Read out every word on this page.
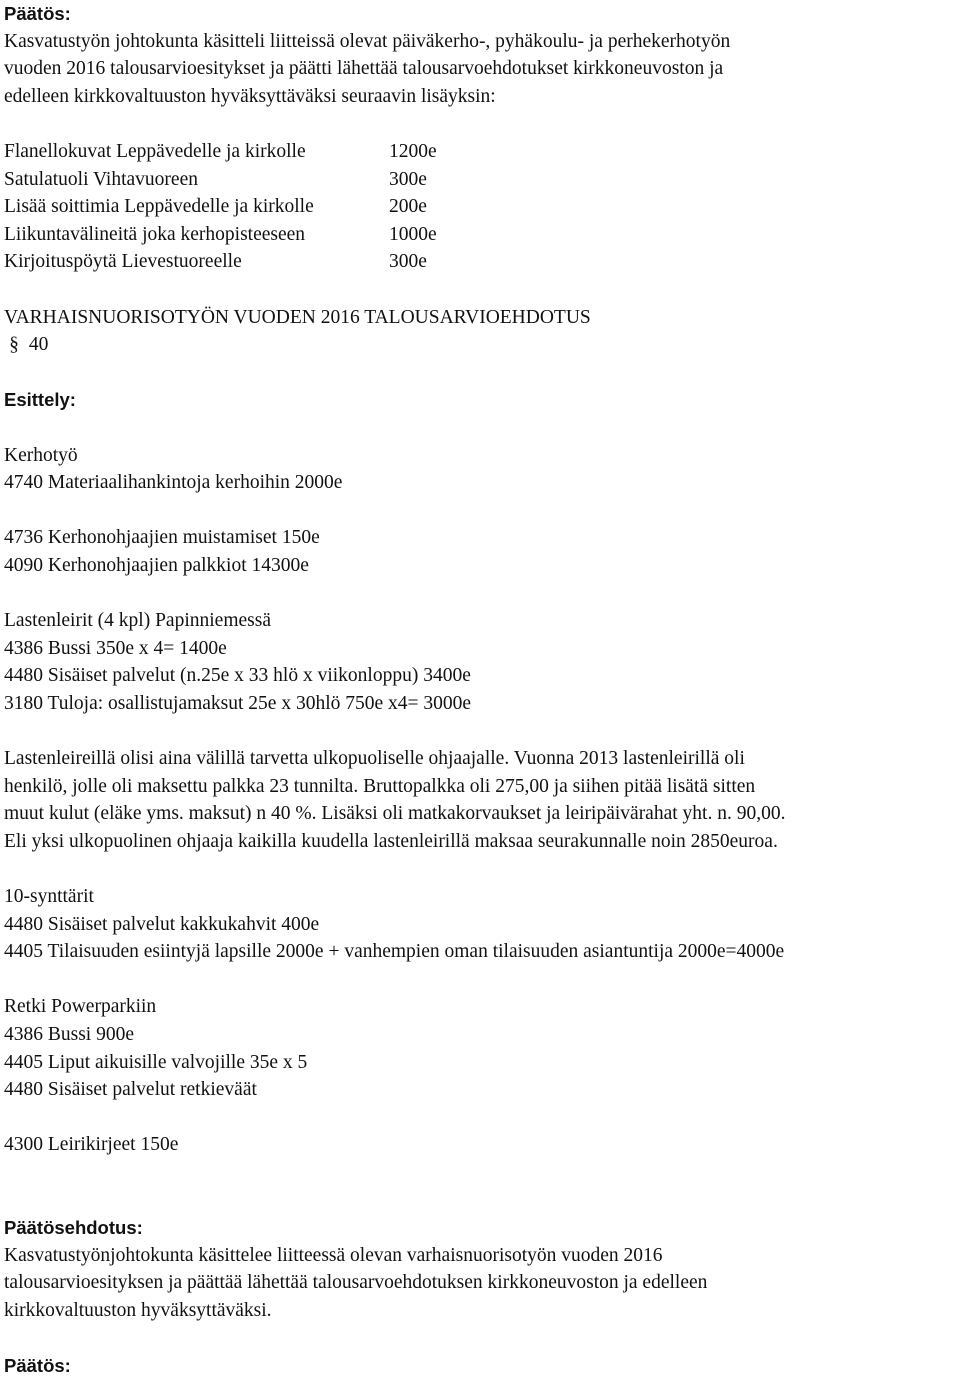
Päätös:
Kasvatustyön johtokunta käsitteli liitteissä olevat päiväkerho-, pyhäkoulu- ja perhekerhotyön
vuoden 2016 talousarvioesitykset ja päätti lähettää talousarvoehdotukset kirkkoneuvoston ja
edelleen kirkkovaltuuston hyväksyttäväksi seuraavin lisäyksin:
Flanellokuvat Leppävedelle ja kirkolle	1200e
Satulatuoli Vihtavuoreen	300e
Lisää soittimia Leppävedelle ja kirkolle	200e
Liikuntavälineitä joka kerhopisteeseen	1000e
Kirjoituspöytä Lievestuoreelle	300e
VARHAISNUORISOTYÖN VUODEN 2016 TALOUSARVIOEHDOTUS
§ 40
Esittely:
Kerhotyö
4740 Materiaalihankintoja kerhoihin 2000e
4736 Kerhonohjaajien muistamiset 150e
4090 Kerhonohjaajien palkkiot 14300e
Lastenleirit (4 kpl) Papinniemessä
4386 Bussi 350e x 4= 1400e
4480 Sisäiset palvelut (n.25e x 33 hlö x viikonloppu) 3400e
3180 Tuloja: osallistujamaksut 25e x 30hlö 750e x4= 3000e
Lastenleireillä olisi aina välillä tarvetta ulkopuoliselle ohjaajalle. Vuonna 2013 lastenleirillä oli
henkilö, jolle oli maksettu palkka 23 tunnilta. Bruttopalkka oli 275,00 ja siihen pitää lisätä sitten
muut kulut (eläke yms. maksut) n 40 %. Lisäksi oli matkakorvaukset ja leiripäivärahat yht. n. 90,00.
Eli yksi ulkopuolinen ohjaaja kaikilla kuudella lastenleirillä maksaa seurakunnalle noin 2850euroa.
10-synttärit
4480 Sisäiset palvelut kakkukahvit 400e
4405 Tilaisuuden esiintyjä lapsille 2000e + vanhempien oman tilaisuuden asiantuntija 2000e=4000e
Retki Powerparkiin
4386 Bussi 900e
4405 Liput aikuisille valvojille 35e x 5
4480 Sisäiset palvelut retkieväät
4300 Leirikirjeet 150e
Päätösehdotus:
Kasvatustyönjohtokunta käsittelee liitteessä olevan varhaisnuorisotyön vuoden 2016
talousarvioesityksen ja päättää lähettää talousarvoehdotuksen kirkkoneuvoston ja edelleen
kirkkovaltuuston hyväksyttäväksi.
Päätös:
